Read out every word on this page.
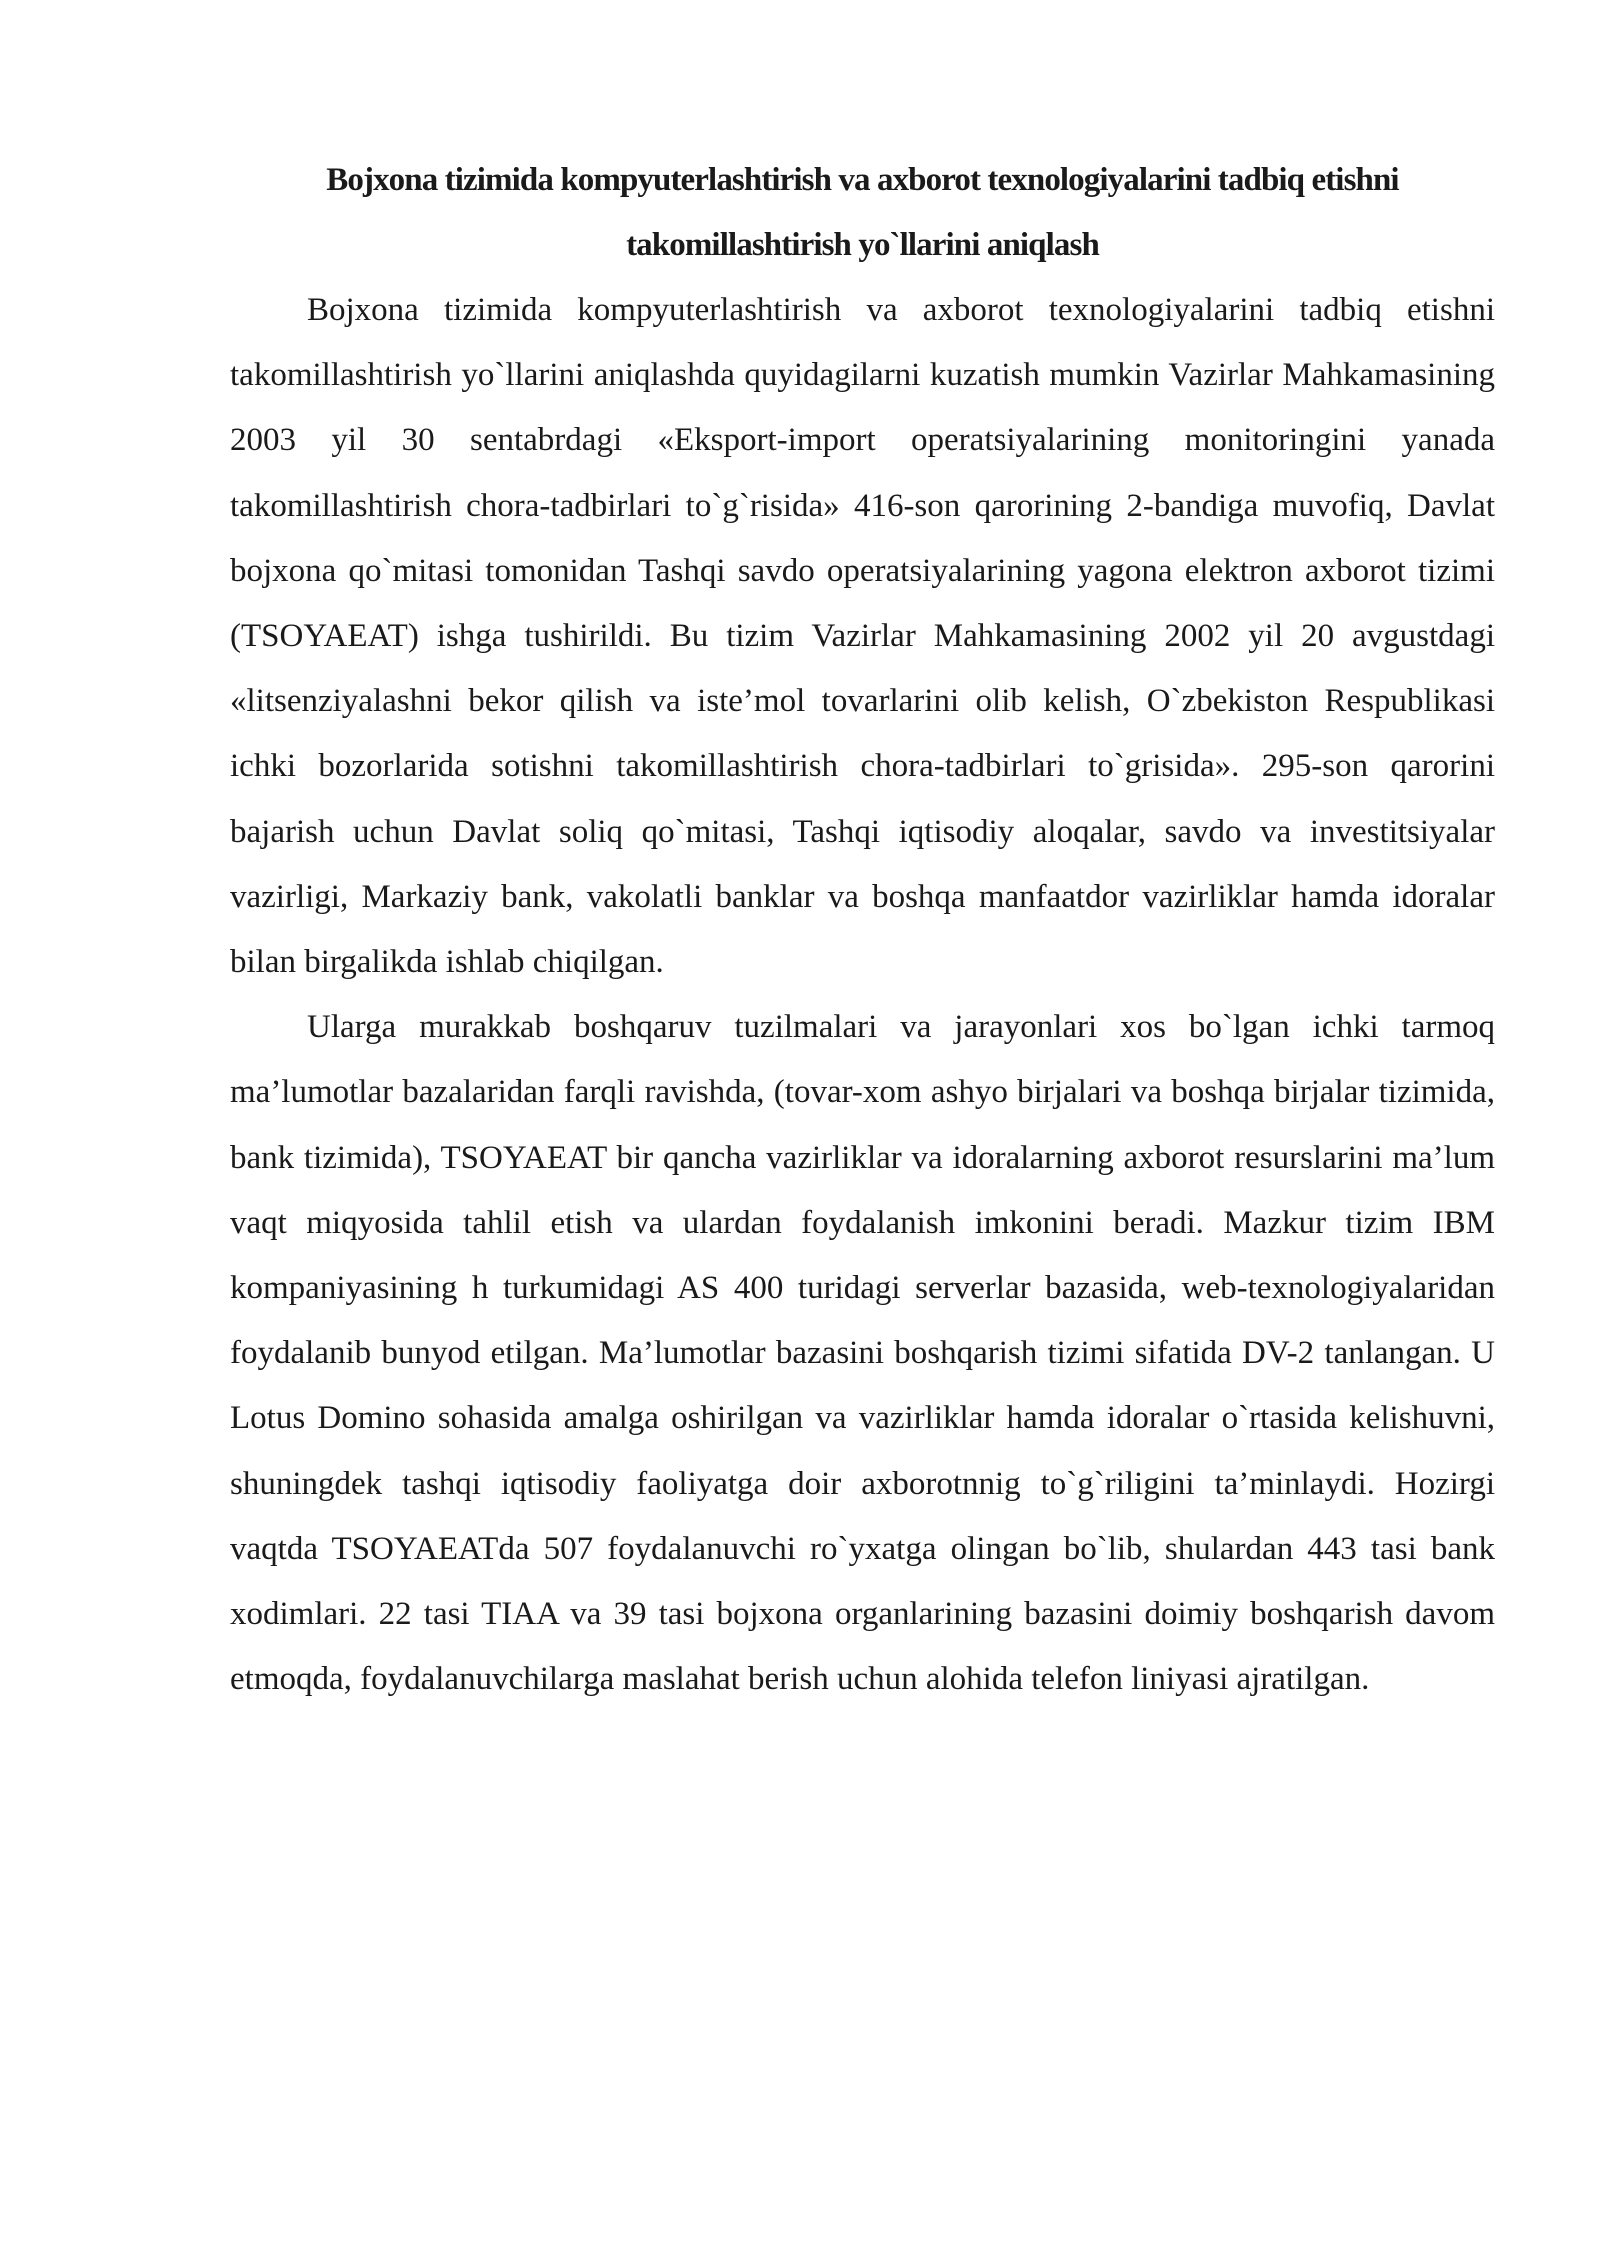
Bojxona tizimida kompyuterlashtirish va axborot texnologiyalarini tadbiq etishni takomillashtirish yo`llarini aniqlash

Bojxona tizimida kompyuterlashtirish va axborot texnologiyalarini tadbiq etishni takomillashtirish yo`llarini aniqlashda quyidagilarni kuzatish mumkin Vazirlar Mahkamasining 2003 yil 30 sentabrdagi «Eksport-import operatsiyalarining monitoringini yanada takomillashtirish chora-tadbirlari to`g`risida» 416-son qarorining 2-bandiga muvofiq, Davlat bojxona qo`mitasi tomonidan Tashqi savdo operatsiyalarining yagona elektron axborot tizimi (TSOYAEAT) ishga tushirildi. Bu tizim Vazirlar Mahkamasining 2002 yil 20 avgustdagi «litsenziyalashni bekor qilish va iste’mol tovarlarini olib kelish, O`zbekiston Respublikasi ichki bozorlarida sotishni takomillashtirish chora-tadbirlari to`grisida». 295-son qarorini bajarish uchun Davlat soliq qo`mitasi, Tashqi iqtisodiy aloqalar, savdo va investitsiyalar vazirligi, Markaziy bank, vakolatli banklar va boshqa manfaatdor vazirliklar hamda idoralar bilan birgalikda ishlab chiqilgan.

Ularga murakkab boshqaruv tuzilmalari va jarayonlari xos bo`lgan ichki tarmoq ma’lumotlar bazalaridan farqli ravishda, (tovar-xom ashyo birjalari va boshqa birjalar tizimida, bank tizimida), TSOYAEAT bir qancha vazirliklar va idoralarning axborot resurslarini ma’lum vaqt miqyosida tahlil etish va ulardan foydalanish imkonini beradi. Mazkur tizim IBM kompaniyasining h turkumidagi AS 400 turidagi serverlar bazasida, web-texnologiyalaridan foydalanib bunyod etilgan. Ma’lumotlar bazasini boshqarish tizimi sifatida DV-2 tanlangan. U Lotus Domino sohasida amalga oshirilgan va vazirliklar hamda idoralar o`rtasida kelishuvni, shuningdek tashqi iqtisodiy faoliyatga doir axborotnnig to`g`riligini ta’minlaydi. Hozirgi vaqtda TSOYAEATda 507 foydalanuvchi ro`yxatga olingan bo`lib, shulardan 443 tasi bank xodimlari. 22 tasi TIAA va 39 tasi bojxona organlarining bazasini doimiy boshqarish davom etmoqda, foydalanuvchilarga maslahat berish uchun alohida telefon liniyasi ajratilgan.
